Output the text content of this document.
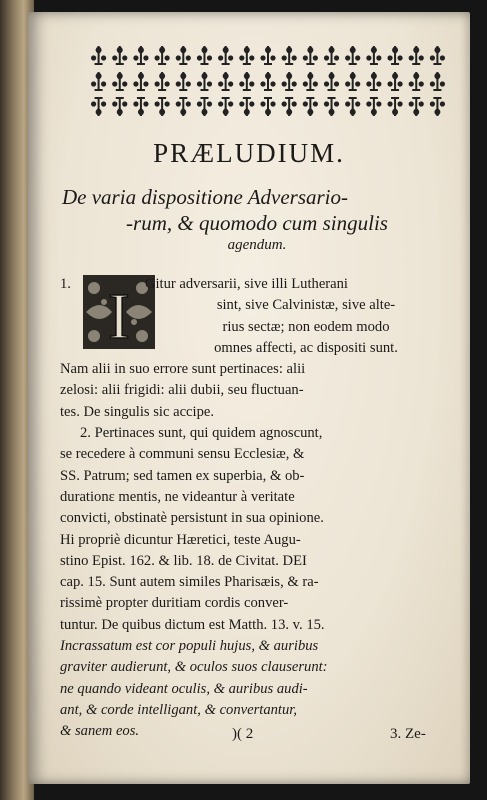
PRÆLUDIUM.
De varia dispositione Adversario-
-rum, & quomodo cum singulis
agendum.
I
1.	Gitur adversarii, sive illi Lutherani
sint, sive Calvinistæ, sive alte-
rius sectæ; non eodem modo
omnes affecti, ac dispositi sunt.
Nam alii in suo errore sunt pertinaces: alii
zelosi: alii frigidi: alii dubii, seu fluctuan-
tes. De singulis sic accipe.
2. Pertinaces sunt, qui quidem agnoscunt,
se recedere à communi sensu Ecclesiæ, &
SS. Patrum; sed tamen ex superbia, & ob-
durationε mentis, ne videantur à veritate
convicti, obstinatè persistunt in sua opinione.
Hi propriè dicuntur Hæretici, teste Augu-
stino Epist. 162. & lib. 18. de Civitat. DEI
cap. 15. Sunt autem similes Pharisæis, & ra-
rissimè propter duritiam cordis conver-
tuntur. De quibus dictum est Matth. 13. v. 15.
Incrassatum est cor populi hujus, & auribus
graviter audierunt, & oculos suos clauserunt:
ne quando videant oculis, & auribus audi-
ant, & corde intelligant, & convertantur,
& sanem eos.	)( 2	3. Ze-
